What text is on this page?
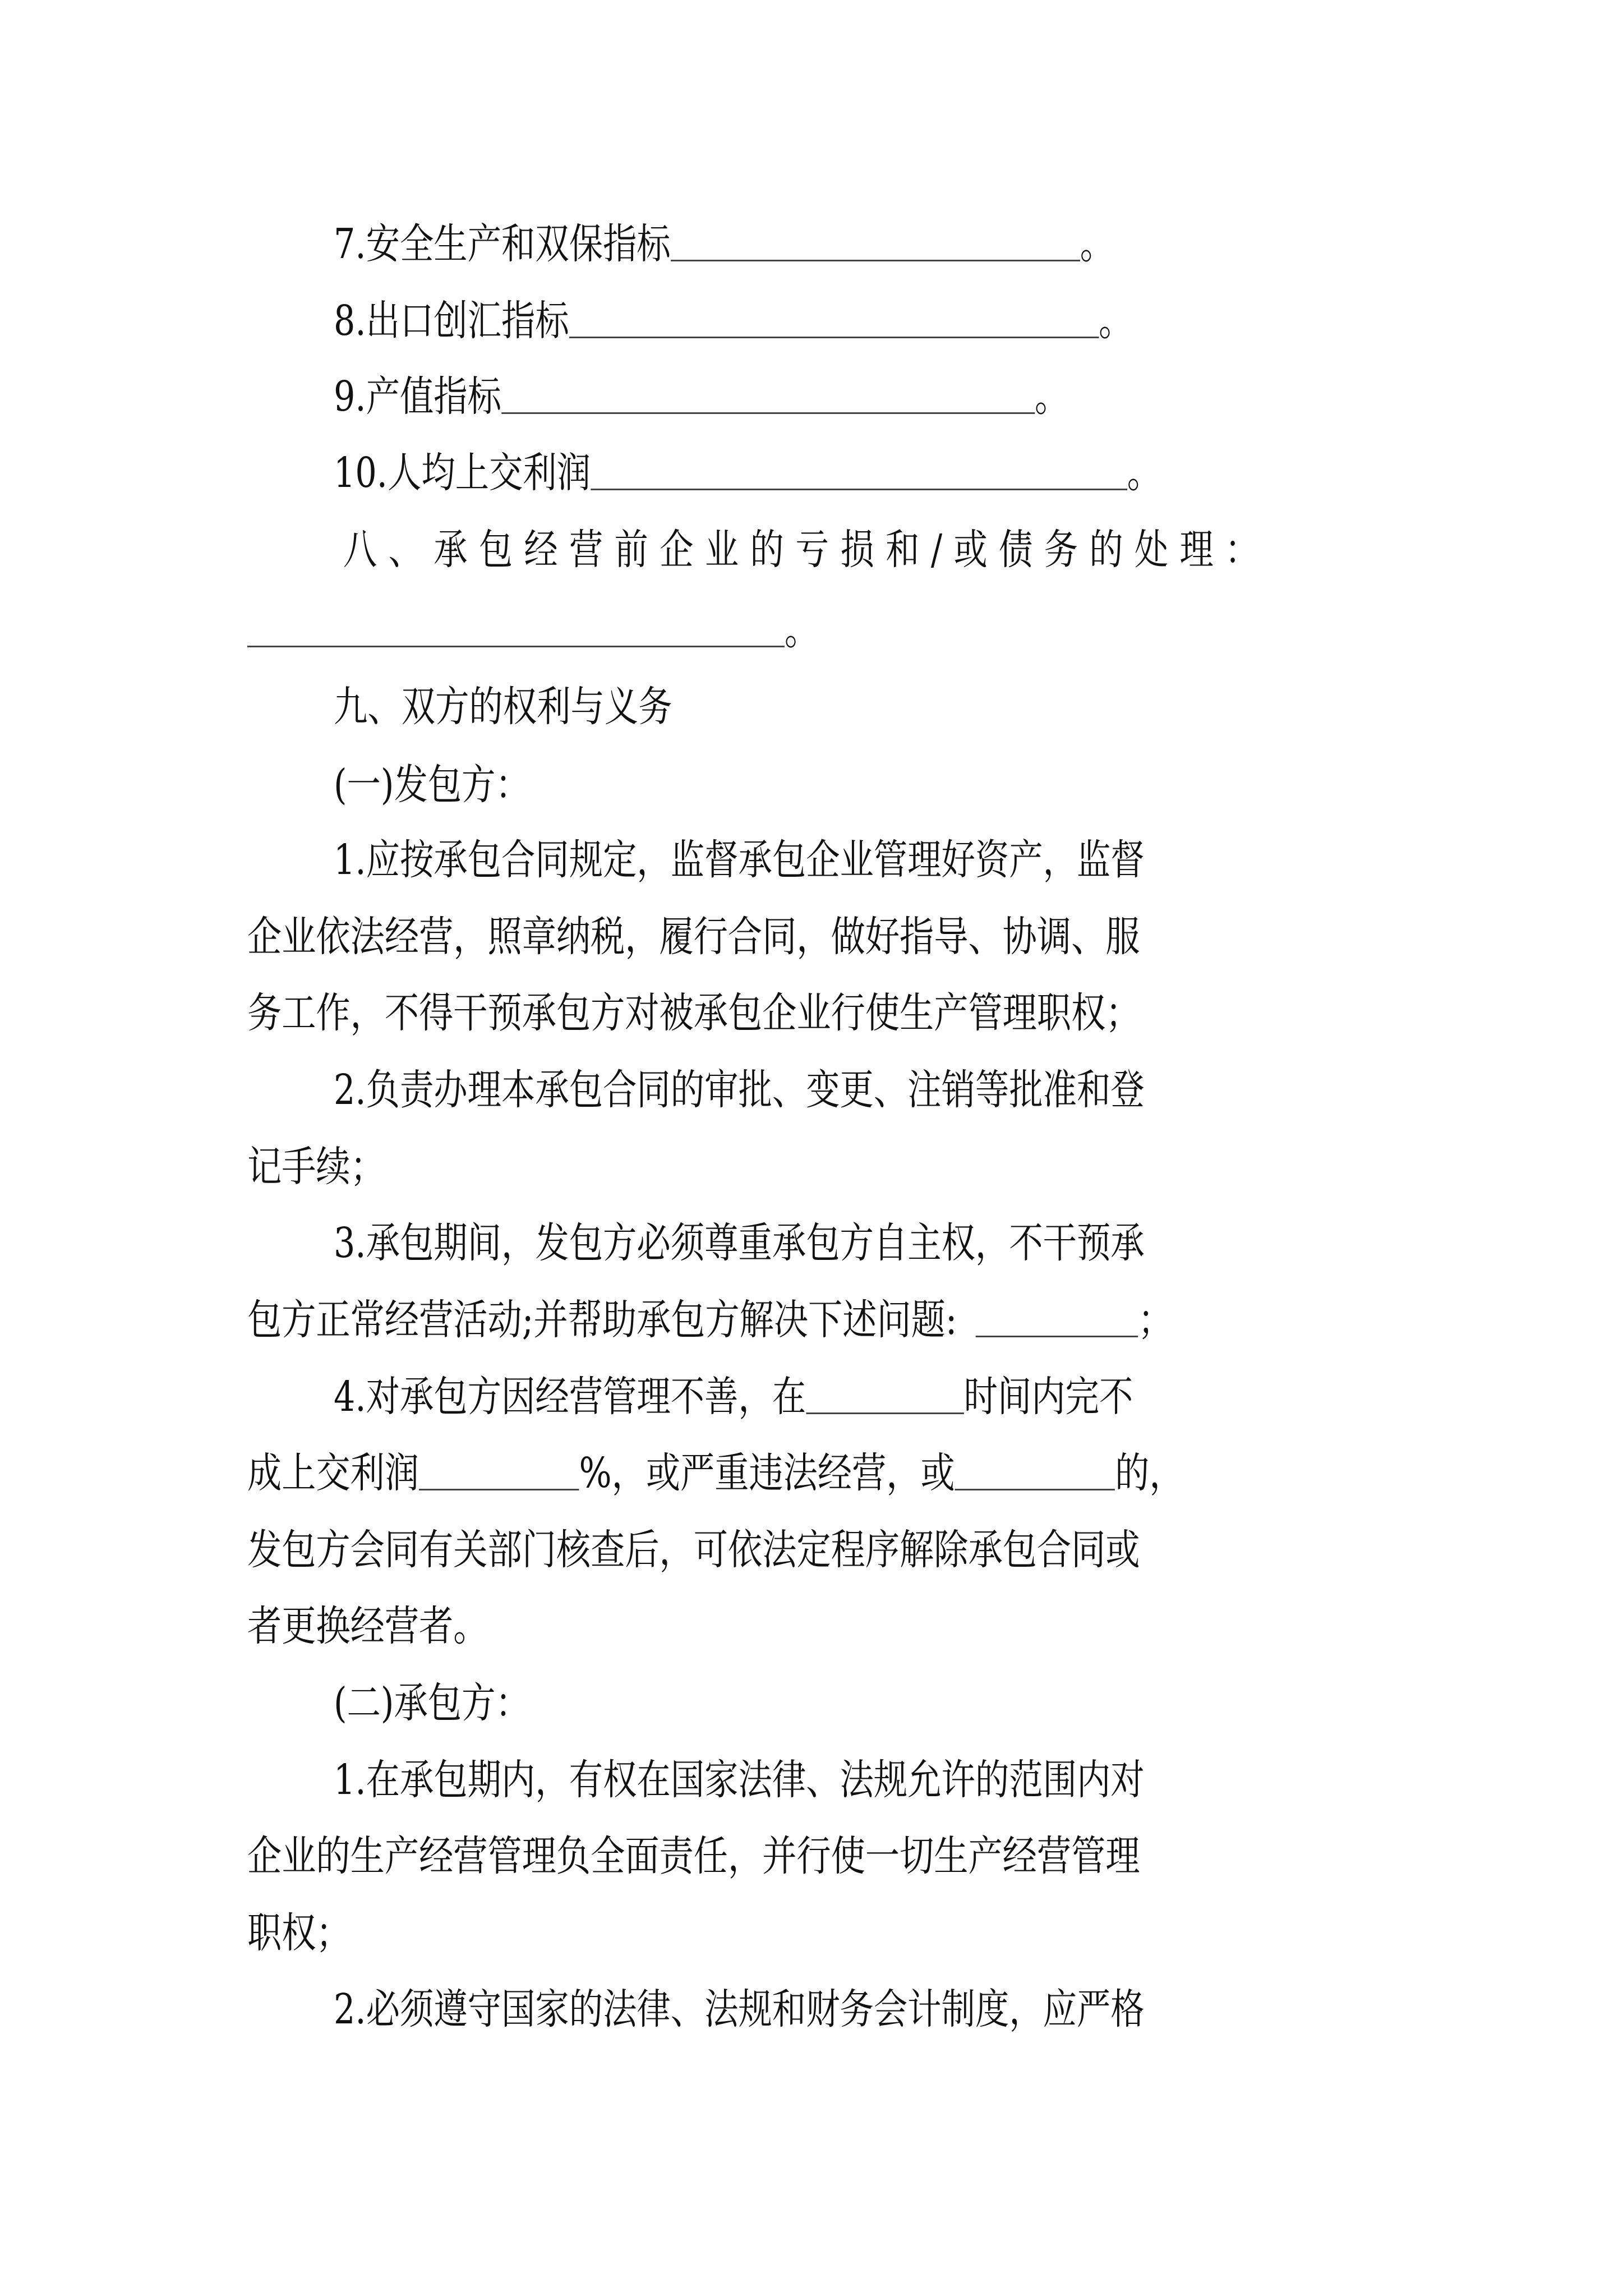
7.安全生产和双保指标	。
8.出口创汇指标	。
9.产值指标	。
10.人均上交利润	。
八、承包经营前企业的亏损和/或债务的处理：
。
九、双方的权利与义务
(一)发包方：
1.应按承包合同规定，监督承包企业管理好资产，监督
企业依法经营，照章纳税，履行合同，做好指导、协调、服
务工作，不得干预承包方对被承包企业行使生产管理职权；
2.负责办理本承包合同的审批、变更、注销等批准和登
记手续；
3.承包期间，发包方必须尊重承包方自主权，不干预承
包方正常经营活动;并帮助承包方解决下述问题:	；
4.对承包方因经营管理不善，在	时间内完不
成上交利润	%，或严重违法经营，或	的，
发包方会同有关部门核查后，可依法定程序解除承包合同或
者更换经营者。
(二)承包方：
1.在承包期内，有权在国家法律、法规允许的范围内对
企业的生产经营管理负全面责任，并行使一切生产经营管理
职权；
2.必须遵守国家的法律、法规和财务会计制度，应严格
